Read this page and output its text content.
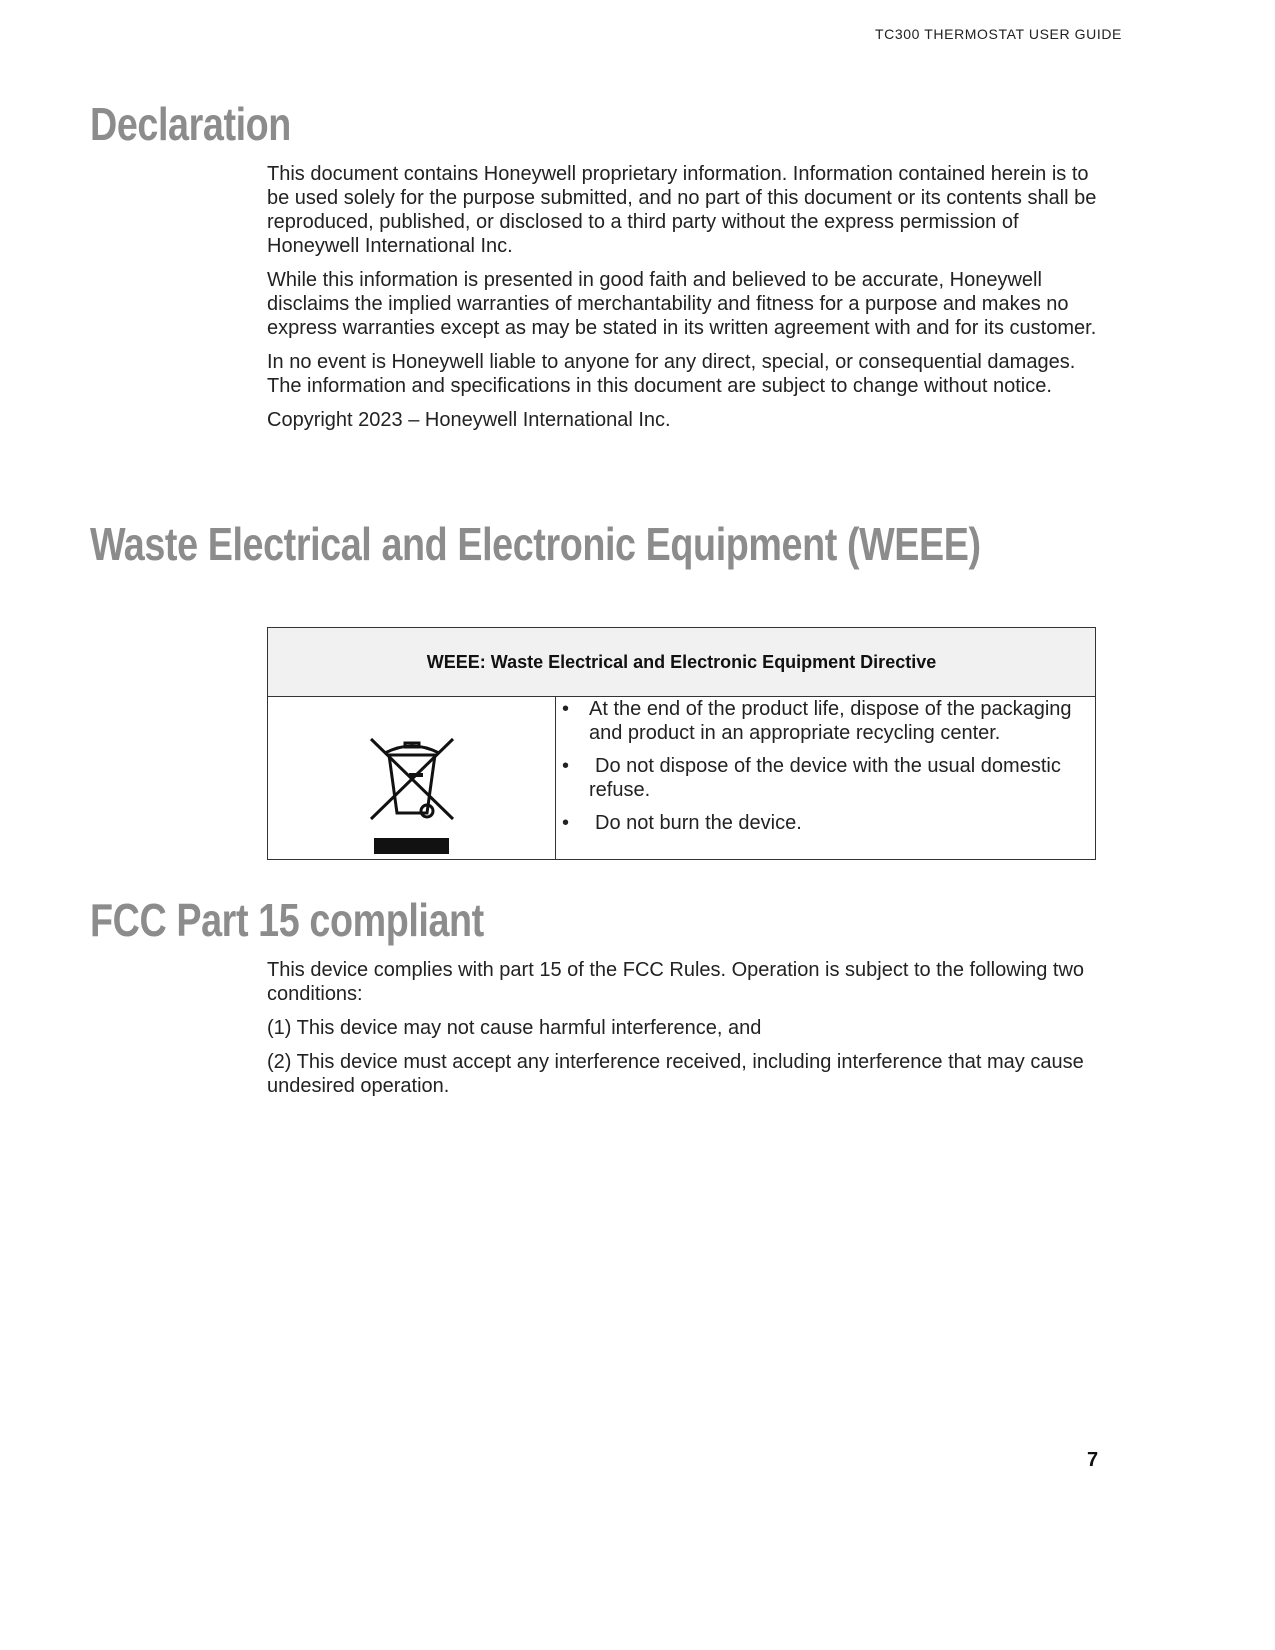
TC300 THERMOSTAT USER GUIDE
Declaration

This document contains Honeywell proprietary information. Information contained herein is to be used solely for the purpose submitted, and no part of this document or its contents shall be reproduced, published, or disclosed to a third party without the express permission of Honeywell International Inc.

While this information is presented in good faith and believed to be accurate, Honeywell disclaims the implied warranties of merchantability and fitness for a purpose and makes no express warranties except as may be stated in its written agreement with and for its customer.

In no event is Honeywell liable to anyone for any direct, special, or consequential damages. The information and specifications in this document are subject to change without notice.

Copyright 2023 – Honeywell International Inc.

Waste Electrical and Electronic Equipment (WEEE)
WEEE: Waste Electrical and Electronic Equipment Directive

• At the end of the product life, dispose of the packaging and product in an appropriate recycling center.
• Do not dispose of the device with the usual domestic refuse.
• Do not burn the device.
FCC Part 15 compliant

This device complies with part 15 of the FCC Rules. Operation is subject to the following two conditions:

(1) This device may not cause harmful interference, and

(2) This device must accept any interference received, including interference that may cause undesired operation.

7
